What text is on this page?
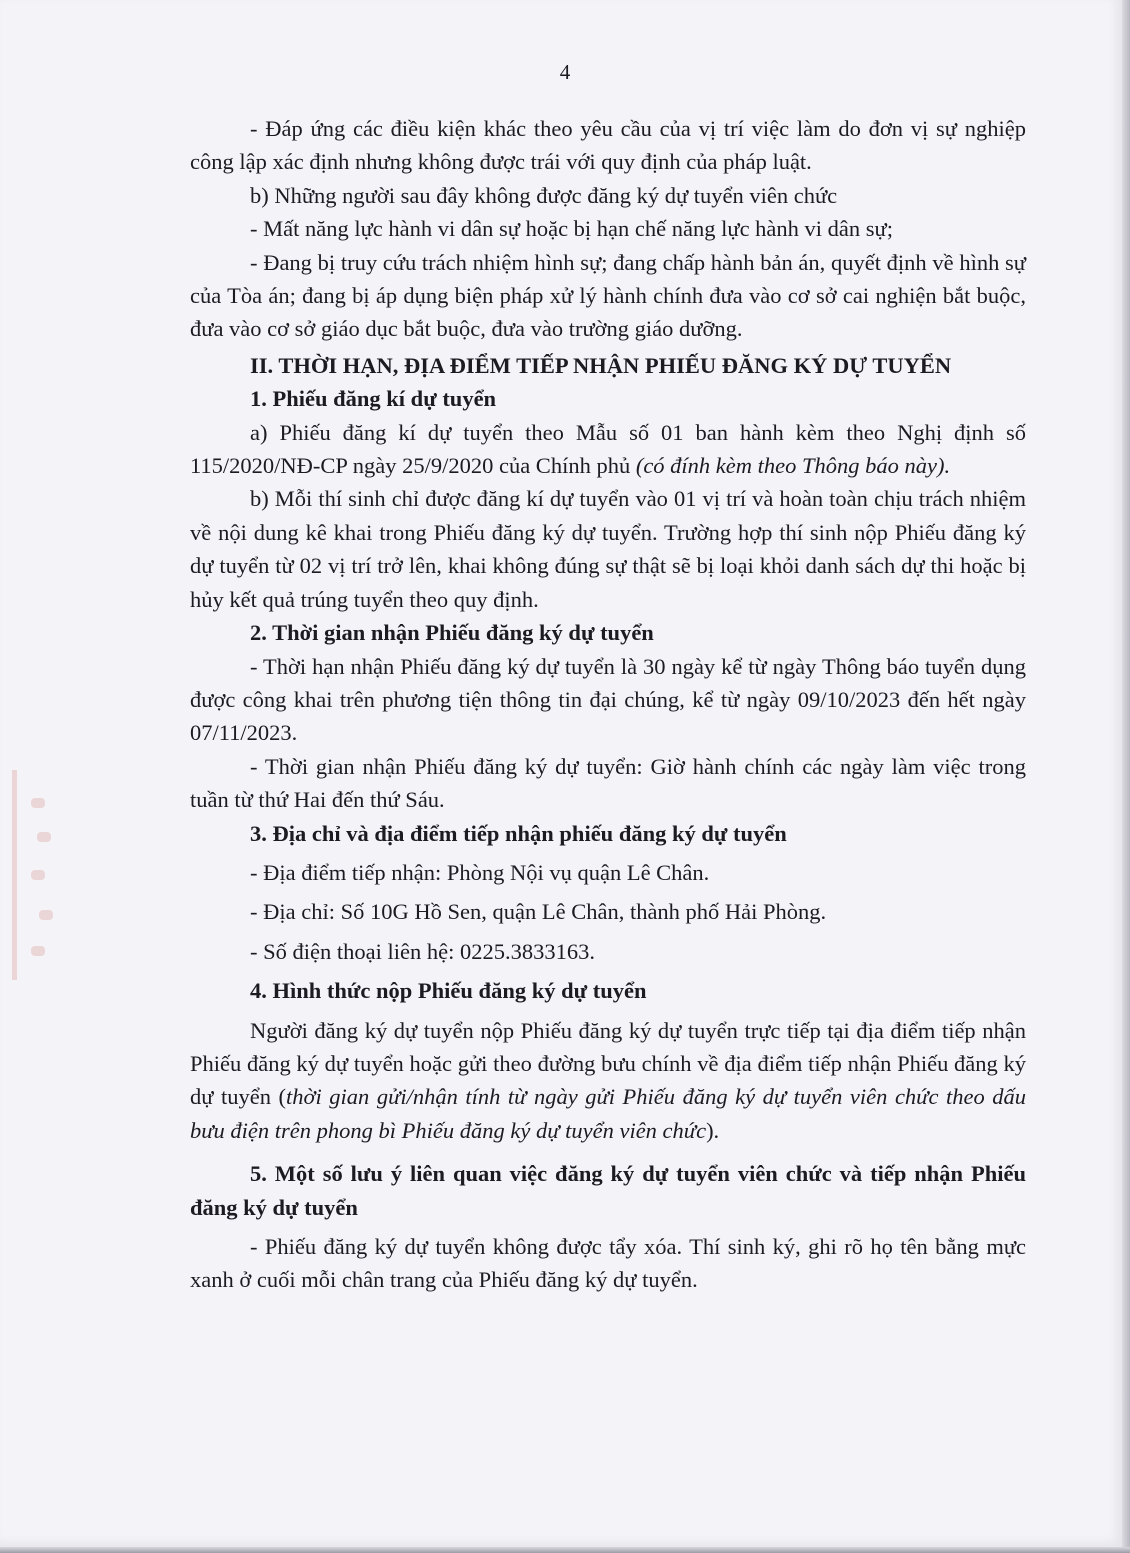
4

- Đáp ứng các điều kiện khác theo yêu cầu của vị trí việc làm do đơn vị sự nghiệp công lập xác định nhưng không được trái với quy định của pháp luật.

b) Những người sau đây không được đăng ký dự tuyển viên chức

- Mất năng lực hành vi dân sự hoặc bị hạn chế năng lực hành vi dân sự;

- Đang bị truy cứu trách nhiệm hình sự; đang chấp hành bản án, quyết định về hình sự của Tòa án; đang bị áp dụng biện pháp xử lý hành chính đưa vào cơ sở cai nghiện bắt buộc, đưa vào cơ sở giáo dục bắt buộc, đưa vào trường giáo dưỡng.

II. THỜI HẠN, ĐỊA ĐIỂM TIẾP NHẬN PHIẾU ĐĂNG KÝ DỰ TUYỂN

1. Phiếu đăng kí dự tuyển

a) Phiếu đăng kí dự tuyển theo Mẫu số 01 ban hành kèm theo Nghị định số 115/2020/NĐ-CP ngày 25/9/2020 của Chính phủ (có đính kèm theo Thông báo này).

b) Mỗi thí sinh chỉ được đăng kí dự tuyển vào 01 vị trí và hoàn toàn chịu trách nhiệm về nội dung kê khai trong Phiếu đăng ký dự tuyển. Trường hợp thí sinh nộp Phiếu đăng ký dự tuyển từ 02 vị trí trở lên, khai không đúng sự thật sẽ bị loại khỏi danh sách dự thi hoặc bị hủy kết quả trúng tuyển theo quy định.

2. Thời gian nhận Phiếu đăng ký dự tuyển

- Thời hạn nhận Phiếu đăng ký dự tuyển là 30 ngày kể từ ngày Thông báo tuyển dụng được công khai trên phương tiện thông tin đại chúng, kể từ ngày 09/10/2023 đến hết ngày 07/11/2023.

- Thời gian nhận Phiếu đăng ký dự tuyển: Giờ hành chính các ngày làm việc trong tuần từ thứ Hai đến thứ Sáu.

3. Địa chỉ và địa điểm tiếp nhận phiếu đăng ký dự tuyển

- Địa điểm tiếp nhận: Phòng Nội vụ quận Lê Chân.

- Địa chỉ: Số 10G Hồ Sen, quận Lê Chân, thành phố Hải Phòng.

- Số điện thoại liên hệ: 0225.3833163.

4. Hình thức nộp Phiếu đăng ký dự tuyển

Người đăng ký dự tuyển nộp Phiếu đăng ký dự tuyển trực tiếp tại địa điểm tiếp nhận Phiếu đăng ký dự tuyển hoặc gửi theo đường bưu chính về địa điểm tiếp nhận Phiếu đăng ký dự tuyển (thời gian gửi/nhận tính từ ngày gửi Phiếu đăng ký dự tuyển viên chức theo dấu bưu điện trên phong bì Phiếu đăng ký dự tuyển viên chức).

5. Một số lưu ý liên quan việc đăng ký dự tuyển viên chức và tiếp nhận Phiếu đăng ký dự tuyển

- Phiếu đăng ký dự tuyển không được tẩy xóa. Thí sinh ký, ghi rõ họ tên bằng mực xanh ở cuối mỗi chân trang của Phiếu đăng ký dự tuyển.
